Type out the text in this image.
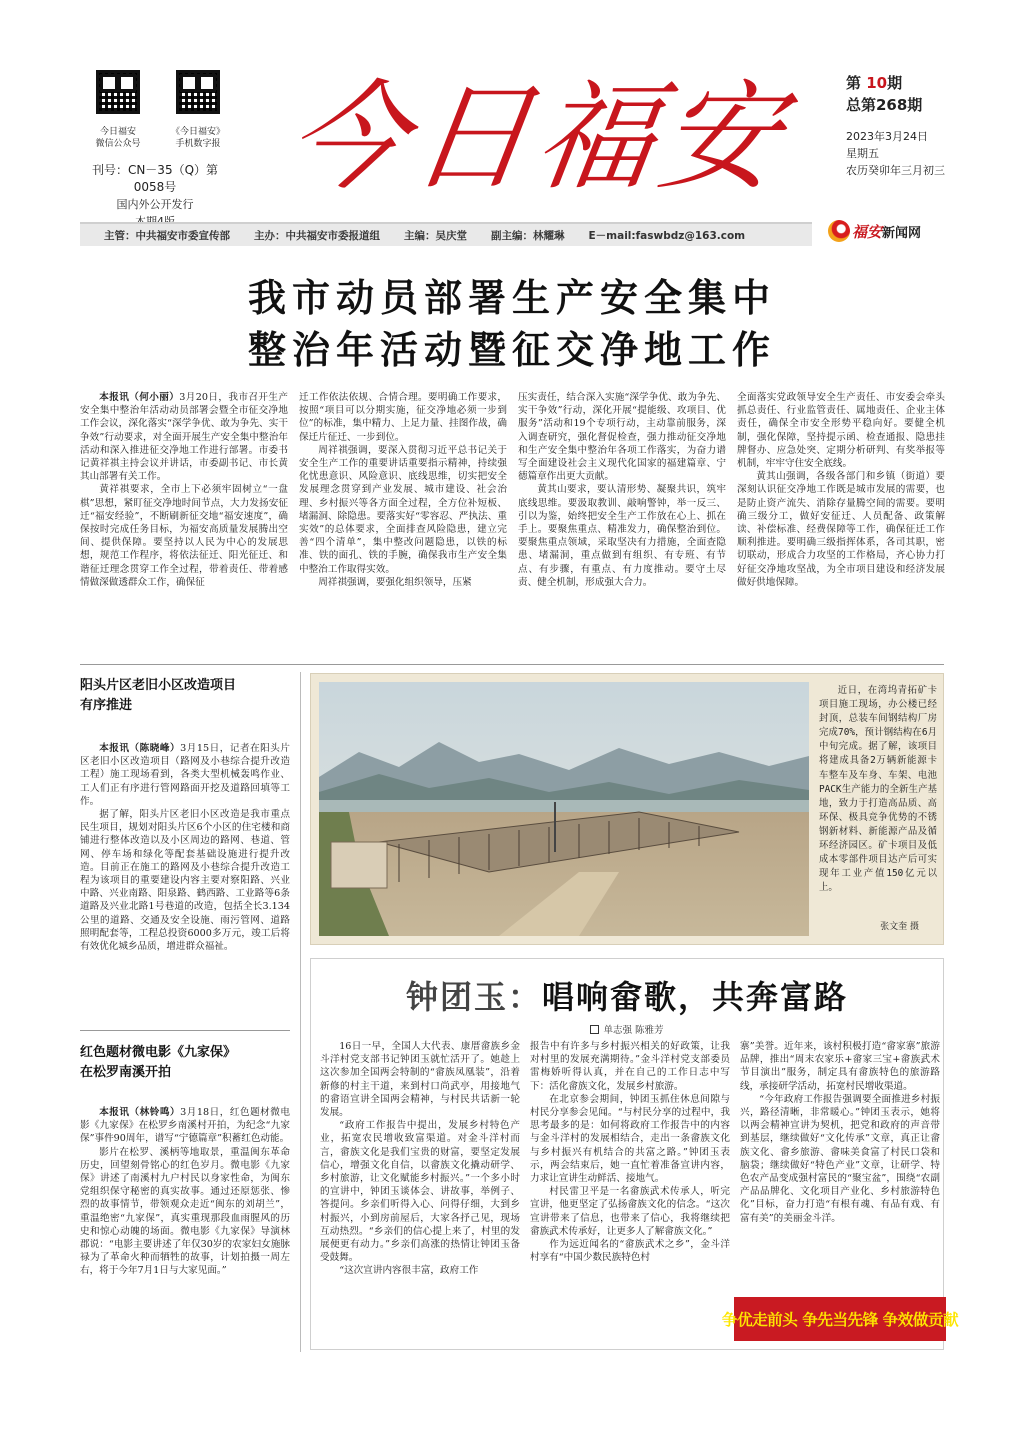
今日福安
微信公众号
《今日福安》
手机数字报
刊号：CN－35（Q）第0058号
国内外公开发行 今日福安	第 10期
总第268期
2023年3月24日
星期五
农历癸卯年三月初三
主管：中共福安市委宣传部 主办：中共福安市委报道组 主编：吴庆堂 副主编：林耀琳 E－mail:faswbdz@163.com	福安 新闻网
我市动员部署生产安全集中
整治年活动暨征交净地工作

本报讯（何小丽）3月20日，我市召开生产安全集中整治年活动动员部署会暨全市征交净地工作会议，深化落实“深学争优、敢为争先、实干争效”行动要求，对全面开展生产安全集中整治年活动和深入推进征交净地工作进行部署。市委书记黄祥祺主持会议并讲话，市委副书记、市长黄其山部署有关工作。

黄祥祺要求，全市上下必须牢固树立“一盘棋”思想，紧盯征交净地时间节点，大力发扬安征迁“福安经验”，不断刷新征交地“福安速度”，确保按时完成任务目标，为福安高质量发展腾出空间、提供保障。要坚持以人民为中心的发展思想，规范工作程序，将依法征迁、阳光征迁、和谐征迁理念贯穿工作全过程，带着责任、带着感情做深做透群众工作，确保征

迁工作依法依规、合情合理。要明确工作要求，按照“项目可以分期实施，征交净地必须一步到位”的标准，集中精力、上足力量、挂图作战，确保迁片征迁、一步到位。

周祥祺强调，要深入贯彻习近平总书记关于安全生产工作的重要讲话重要指示精神，持续强化忧患意识、风险意识、底线思维，切实把安全发展理念贯穿到产业发展、城市建设、社会治理、乡村振兴等各方面全过程，全方位补短板、堵漏洞、除隐患。要落实好“零容忍、严执法、重实效”的总体要求，全面排查风险隐患，建立完善“四个清单”，集中整改问题隐患，以铁的标准、铁的面孔、铁的手腕，确保我市生产安全集中整治工作取得实效。

周祥祺强调，要强化组织领导，压紧

压实责任，结合深入实施“深学争优、敢为争先、实干争效”行动，深化开展“提能级、攻项目、优服务”活动和19个专项行动，主动靠前服务，深入调查研究，强化督促检查，强力推动征交净地和生产安全集中整治年各项工作落实，为奋力谱写全面建设社会主义现代化国家的福建篇章、宁德篇章作出更大贡献。

黄其山要求，要认清形势、凝聚共识，筑牢底线思维。要汲取教训、敲响警钟，举一反三、引以为鉴，始终把安全生产工作放在心上、抓在手上。要聚焦重点、精准发力，确保整治到位。要聚焦重点领域，采取坚决有力措施，全面查隐患、堵漏洞，重点做到有组织、有专班、有节点、有步骤，有重点、有力度推动。要守土尽责、健全机制，形成强大合力。

全面落实党政领导安全生产责任、市安委会牵头抓总责任、行业监管责任、属地责任、企业主体责任，确保全市安全形势平稳向好。要健全机制，强化保障，坚持提示函、检查通报、隐患挂牌督办、应急处突、定期分析研判、有奖举报等机制，牢牢守住安全底线。

黄其山强调，各级各部门和乡镇（街道）要深刻认识征交净地工作既是城市发展的需要，也是防止资产流失、消除存量腾空间的需要。要明确三级分工，做好安征迁、人员配备、政策解读、补偿标准、经费保障等工作，确保征迁工作顺利推进。要明确三级指挥体系，各司其职，密切联动，形成合力攻坚的工作格局，齐心协力打好征交净地攻坚战，为全市项目建设和经济发展做好供地保障。

阳头片区老旧小区改造项目
有序推进

本报讯（陈晓峰）3月15日，记者在阳头片区老旧小区改造项目（路网及小巷综合提升改造工程）施工现场看到，各类大型机械轰鸣作业、工人们正有序进行管网路面开挖及道路回填等工作。

据了解，阳头片区老旧小区改造是我市重点民生项目，规划对阳头片区6个小区的住宅楼和商铺进行整体改造以及小区周边的路网、巷道、管网、停车场和绿化等配套基础设施进行提升改造。目前正在施工的路网及小巷综合提升改造工程为该项目的重要建设内容主要对察阳路、兴业中路、兴业南路、阳泉路、鹤西路、工业路等6条道路及兴业北路1号巷道的改造，包括全长3.134公里的道路、交通及安全设施、雨污管网、道路照明配套等，工程总投资6000多万元，竣工后将有效优化城乡品质，增进群众福祉。

红色题材微电影《九家保》
在松罗南溪开拍

本报讯（林铃鸣）3月18日，红色题材微电影《九家保》在松罗乡南溪村开拍，为纪念“九家保”事件90周年，谱写“宁德篇章”积蓄红色动能。

影片在松罗、溪柄等地取景，重温闽东革命历史，回望刻骨铭心的红色岁月。微电影《九家保》讲述了南溪村九户村民以身家性命，为闽东党组织保守秘密的真实故事。通过还原惩张、惨烈的故事情节，带领观众走近“闽东的刘胡兰”，重温绝密“九家保”，真实重现那段血雨腥风的历史和惊心动魄的场面。微电影《九家保》导演林郡说：“电影主要讲述了年仅30岁的农家妇女施脉禄为了革命火种而牺牲的故事，计划拍摄一周左右，将于今年7月1日与大家见面。”

近日，在湾坞青拓矿卡项目施工现场，办公楼已经封顶，总装车间钢结构厂房完成70%，预计钢结构在6月中旬完成。据了解，该项目将建成具备2万辆新能源卡车整车及车身、车架、电池PACK生产能力的全新生产基地，致力于打造高品质、高环保、极具竞争优势的不锈钢新材料、新能源产品及循环经济园区。矿卡项目及低成本零部件项目达产后可实现年工业产值150亿元以上。
张文奎 摄
钟团玉：唱响畲歌，共奔富路
单志强 陈雅芳

16日一早，全国人大代表、康厝畲族乡金斗洋村党支部书记钟团玉就忙活开了。她趁上这次参加全国两会特制的“畲族凤凰装”，沿着新修的村主干道，来到村口尚武亭，用接地气的畲语宣讲全国两会精神，与村民共话新一轮发展。

“政府工作报告中提出，发展乡村特色产业，拓宽农民增收致富渠道。对金斗洋村而言，畲族文化是我们宝贵的财富，要坚定发展信心，增强文化自信，以畲族文化撬动研学、乡村旅游，让文化赋能乡村振兴。”一个多小时的宣讲中，钟团玉谈体会、讲故事，举例子、答提问。乡亲们听得入心、问得仔细，大到乡村振兴，小到房前屋后，大家各抒己见，现场互动热烈。“乡亲们的信心提上来了，村里的发展便更有动力。”乡亲们高涨的热情让钟团玉备受鼓舞。

“这次宣讲内容很丰富，政府工作

报告中有许多与乡村振兴相关的好政策，让我对村里的发展充满期待。”金斗洋村党支部委员雷梅娇听得认真，并在自己的工作日志中写下：活化畲族文化，发展乡村旅游。

在北京参会期间，钟团玉抓住休息间隙与村民分享参会见闻。“与村民分享的过程中，我思考最多的是：如何将政府工作报告中的内容与金斗洋村的发展相结合，走出一条畲族文化与乡村振兴有机结合的共富之路。”钟团玉表示，两会结束后，她一直忙着准备宣讲内容，力求让宣讲生动鲜活、接地气。

村民雷卫平是一名畲族武术传承人，听完宣讲，他更坚定了弘扬畲族文化的信念。“这次宣讲带来了信息，也带来了信心，我将继续把畲族武术传承好，让更多人了解畲族文化。”

作为远近闻名的“畲族武术之乡”，金斗洋村享有“中国少数民族特色村

寨”美誉。近年来，该村积极打造“畲家寨”旅游品牌，推出“周末农家乐+畲家三宝+畲族武术节目演出”服务，制定具有畲族特色的旅游路线，承接研学活动，拓宽村民增收渠道。

“今年政府工作报告强调要全面推进乡村振兴，路径清晰，非常暖心。”钟团玉表示，她将以两会精神宣讲为契机，把党和政府的声音带到基层，继续做好“文化传承”文章，真正让畲族文化、畲乡旅游、畲味美食富了村民口袋和脑袋；继续做好“特色产业”文章，让研学、特色农产品变成强村富民的“聚宝盆”，围绕“农副产品品牌化、文化项目产业化、乡村旅游特色化”目标，奋力打造“有根有魂、有品有戏、有富有美”的美丽金斗洋。

争优走前头 争先当先锋 争效做贡献
